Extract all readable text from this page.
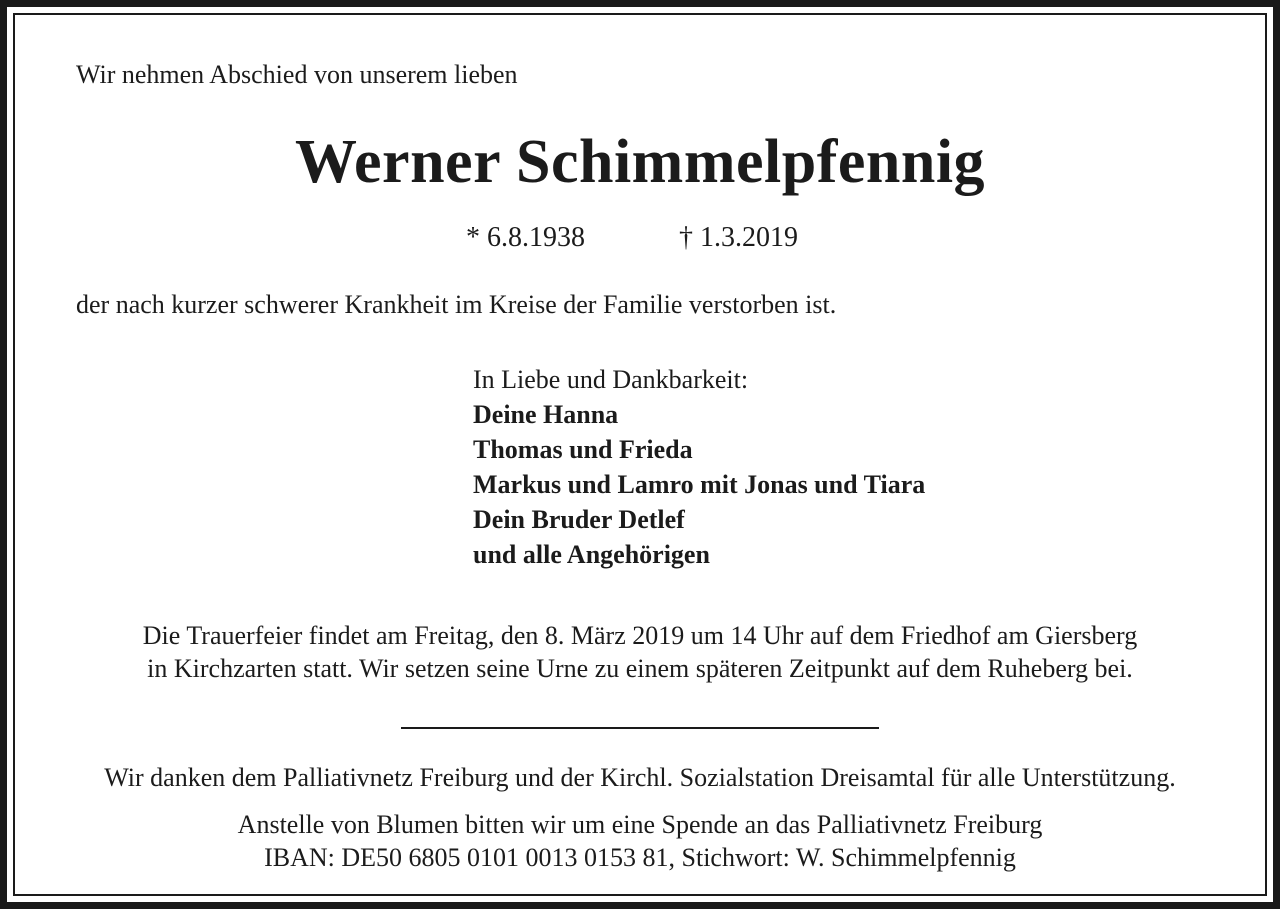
Wir nehmen Abschied von unserem lieben

Werner Schimmelpfennig
* 6.8.1938	† 1.3.2019

der nach kurzer schwerer Krankheit im Kreise der Familie verstorben ist.

In Liebe und Dankbarkeit:
Deine Hanna
Thomas und Frieda
Markus und Lamro mit Jonas und Tiara
Dein Bruder Detlef
und alle Angehörigen
Die Trauerfeier findet am Freitag, den 8. März 2019 um 14 Uhr auf dem Friedhof am Giersberg
in Kirchzarten statt. Wir setzen seine Urne zu einem späteren Zeitpunkt auf dem Ruheberg bei.

Wir danken dem Palliativnetz Freiburg und der Kirchl. Sozialstation Dreisamtal für alle Unterstützung.

Anstelle von Blumen bitten wir um eine Spende an das Palliativnetz Freiburg
IBAN: DE50 6805 0101 0013 0153 81, Stichwort: W. Schimmelpfennig
